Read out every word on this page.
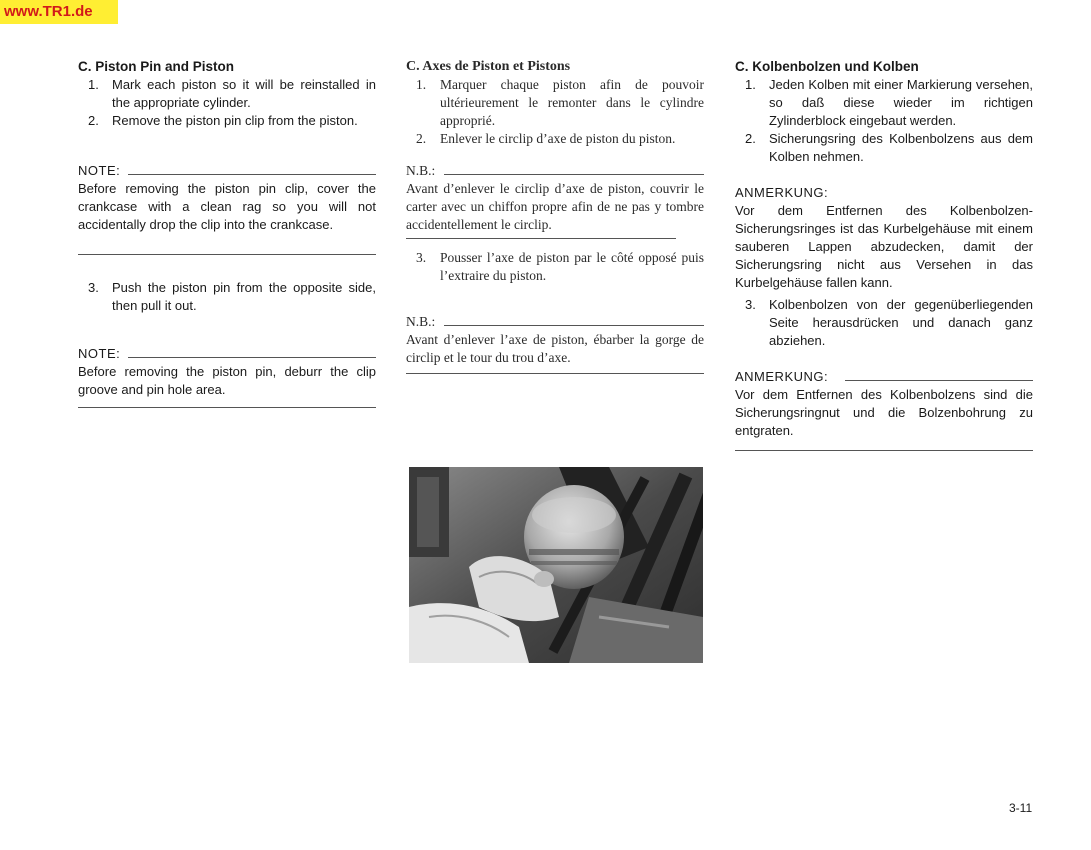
www.TR1.de

C. Piston Pin and Piston

1. Mark each piston so it will be reinstalled in the appropriate cylinder.
2. Remove the piston pin clip from the piston.

NOTE:

Before removing the piston pin clip, cover the crankcase with a clean rag so you will not accidentally drop the clip into the crankcase.

3. Push the piston pin from the opposite side, then pull it out.

NOTE:

Before removing the piston pin, deburr the clip groove and pin hole area.

C. Axes de Piston et Pistons

1. Marquer chaque piston afin de pouvoir ultérieurement le remonter dans le cylindre approprié.
2. Enlever le circlip d’axe de piston du piston.

N.B.:

Avant d’enlever le circlip d’axe de piston, couvrir le carter avec un chiffon propre afin de ne pas y tombre accidentellement le circlip.

3. Pousser l’axe de piston par le côté opposé puis l’extraire du piston.

N.B.:

Avant d’enlever l’axe de piston, ébarber la gorge de circlip et le tour du trou d’axe.

C. Kolbenbolzen und Kolben

1. Jeden Kolben mit einer Markierung versehen, so daß diese wieder im richtigen Zylinderblock eingebaut werden.
2. Sicherungsring des Kolbenbolzens aus dem Kolben nehmen.

ANMERKUNG:

Vor dem Entfernen des Kolbenbolzen-Sicherungsringes ist das Kurbelgehäuse mit einem sauberen Lappen abzudecken, damit der Sicherungsring nicht aus Versehen in das Kurbelgehäuse fallen kann.

3. Kolbenbolzen von der gegenüberliegenden Seite herausdrücken und danach ganz abziehen.

ANMERKUNG:

Vor dem Entfernen des Kolbenbolzens sind die Sicherungsringnut und die Bolzenbohrung zu entgraten.

3-11
